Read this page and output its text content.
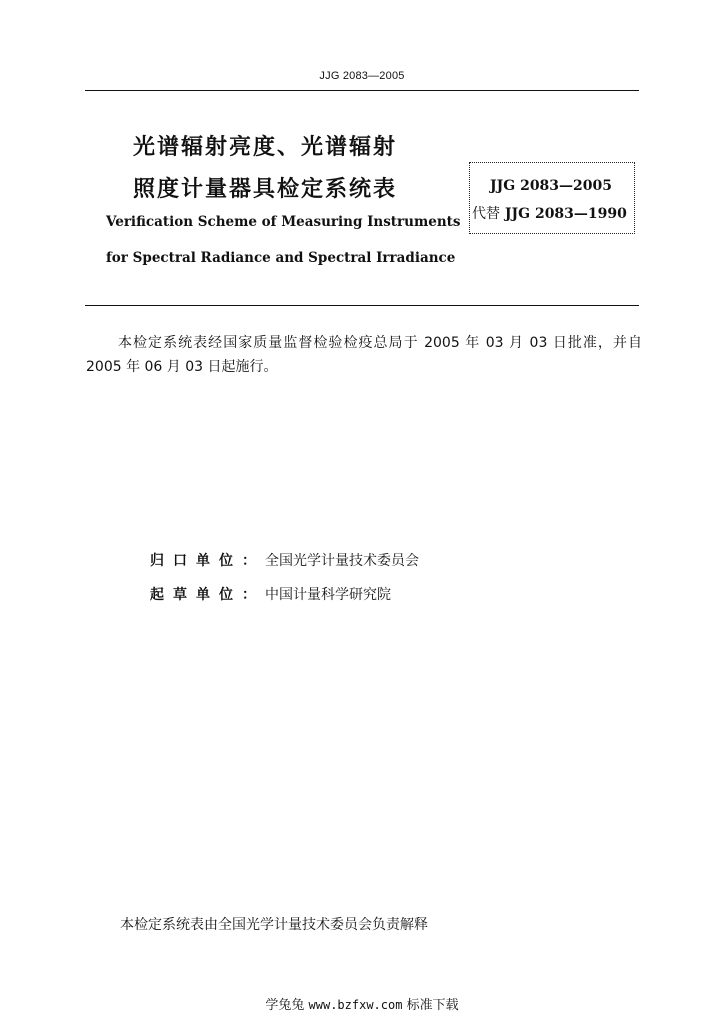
JJG 2083—2005
光谱辐射亮度、光谱辐射
照度计量器具检定系统表
Verification Scheme of Measuring Instruments
for Spectral Radiance and Spectral Irradiance
JJG 2083—2005
代替 JJG 2083—1990
本检定系统表经国家质量监督检验检疫总局于 2005 年 03 月 03 日批准，并自 2005 年 06 月 03 日起施行。
归口单位：全国光学计量技术委员会
起草单位：中国计量科学研究院
本检定系统表由全国光学计量技术委员会负责解释
学兔兔 www.bzfxw.com 标准下载
